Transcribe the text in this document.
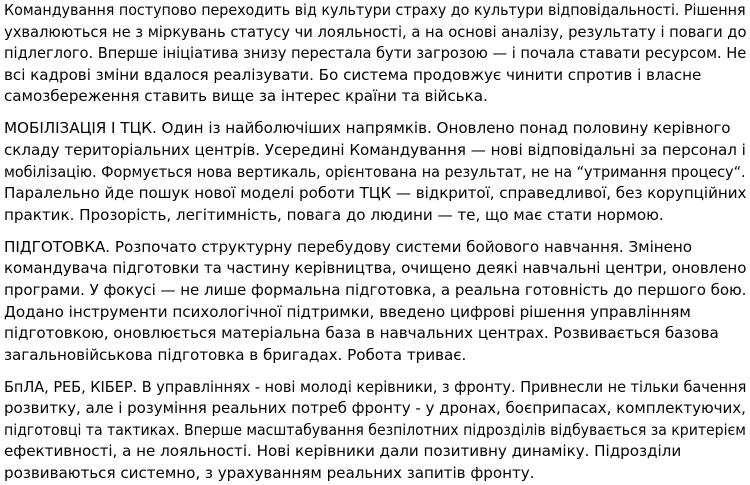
Командування поступово переходить від культури страху до культури відповідальності. Рішення
ухвалюються не з міркувань статусу чи лояльності, а на основі аналізу, результату і поваги до
підлеглого. Вперше ініціатива знизу перестала бути загрозою — і почала ставати ресурсом. Не
всі кадрові зміни вдалося реалізувати. Бо система продовжує чинити спротив і власне
самозбереження ставить вище за інтерес країни та війська.

МОБІЛІЗАЦІЯ І ТЦК. Один із найболючіших напрямків. Оновлено понад половину керівного
складу територіальних центрів. Усередині Командування — нові відповідальні за персонал і
мобілізацію. Формується нова вертикаль, орієнтована на результат, не на “утримання процесу“.
Паралельно йде пошук нової моделі роботи ТЦК — відкритої, справедливої, без корупційних
практик. Прозорість, легітимність, повага до людини — те, що має стати нормою.

ПІДГОТОВКА. Розпочато структурну перебудову системи бойового навчання. Змінено
командувача підготовки та частину керівництва, очищено деякі навчальні центри, оновлено
програми. У фокусі — не лише формальна підготовка, а реальна готовність до першого бою.
Додано інструменти психологічної підтримки, введено цифрові рішення управлінням
підготовкою, оновлюється матеріальна база в навчальних центрах. Розвивається базова
загальновійськова підготовка в бригадах. Робота триває.

БпЛА, РЕБ, КІБЕР. В управліннях - нові молоді керівники, з фронту. Привнесли не тільки бачення
розвитку, але і розуміння реальних потреб фронту - у дронах, боєприпасах, комплектуючих,
підготовці та тактиках. Вперше масштабування безпілотних підрозділів відбувається за критерієм
ефективності, а не лояльності. Нові керівники дали позитивну динаміку. Підрозділи
розвиваються системно, з урахуванням реальних запитів фронту.
